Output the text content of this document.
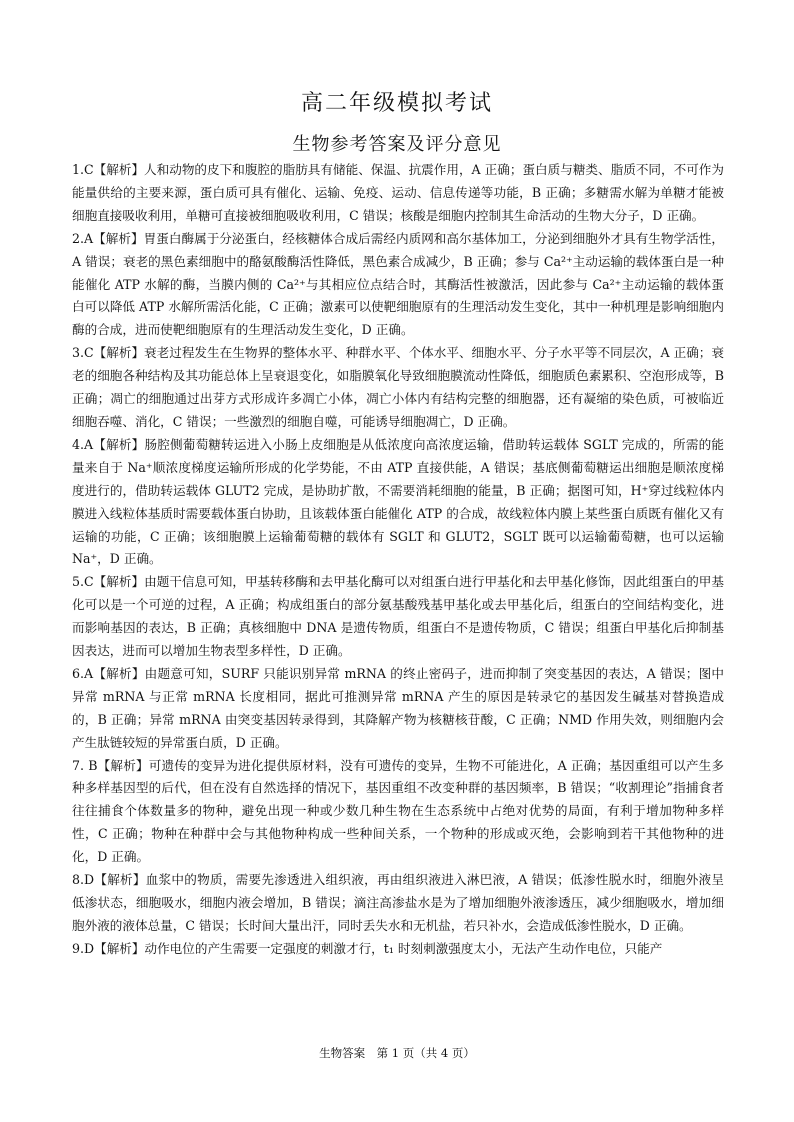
高二年级模拟考试
生物参考答案及评分意见

1.C【解析】人和动物的皮下和腹腔的脂肪具有储能、保温、抗震作用，A 正确；蛋白质与糖类、脂质不同，不可作为能量供给的主要来源，蛋白质可具有催化、运输、免疫、运动、信息传递等功能，B 正确；多糖需水解为单糖才能被细胞直接吸收利用，单糖可直接被细胞吸收利用，C 错误；核酸是细胞内控制其生命活动的生物大分子，D 正确。

2.A【解析】胃蛋白酶属于分泌蛋白，经核糖体合成后需经内质网和高尔基体加工，分泌到细胞外才具有生物学活性，A 错误；衰老的黑色素细胞中的酪氨酸酶活性降低，黑色素合成减少，B 正确；参与 Ca²⁺主动运输的载体蛋白是一种能催化 ATP 水解的酶，当膜内侧的 Ca²⁺与其相应位点结合时，其酶活性被激活，因此参与 Ca²⁺主动运输的载体蛋白可以降低 ATP 水解所需活化能，C 正确；激素可以使靶细胞原有的生理活动发生变化，其中一种机理是影响细胞内酶的合成，进而使靶细胞原有的生理活动发生变化，D 正确。

3.C【解析】衰老过程发生在生物界的整体水平、种群水平、个体水平、细胞水平、分子水平等不同层次，A 正确；衰老的细胞各种结构及其功能总体上呈衰退变化，如脂膜氧化导致细胞膜流动性降低，细胞质色素累积、空泡形成等，B 正确；凋亡的细胞通过出芽方式形成许多凋亡小体，凋亡小体内有结构完整的细胞器，还有凝缩的染色质，可被临近细胞吞噬、消化，C 错误；一些激烈的细胞自噬，可能诱导细胞凋亡，D 正确。

4.A【解析】肠腔侧葡萄糖转运进入小肠上皮细胞是从低浓度向高浓度运输，借助转运载体 SGLT 完成的，所需的能量来自于 Na⁺顺浓度梯度运输所形成的化学势能，不由 ATP 直接供能，A 错误；基底侧葡萄糖运出细胞是顺浓度梯度进行的，借助转运载体 GLUT2 完成，是协助扩散，不需要消耗细胞的能量，B 正确；据图可知，H⁺穿过线粒体内膜进入线粒体基质时需要载体蛋白协助，且该载体蛋白能催化 ATP 的合成，故线粒体内膜上某些蛋白质既有催化又有运输的功能，C 正确；该细胞膜上运输葡萄糖的载体有 SGLT 和 GLUT2，SGLT 既可以运输葡萄糖，也可以运输 Na⁺，D 正确。

5.C【解析】由题干信息可知，甲基转移酶和去甲基化酶可以对组蛋白进行甲基化和去甲基化修饰，因此组蛋白的甲基化可以是一个可逆的过程，A 正确；构成组蛋白的部分氨基酸残基甲基化或去甲基化后，组蛋白的空间结构变化，进而影响基因的表达，B 正确；真核细胞中 DNA 是遗传物质，组蛋白不是遗传物质，C 错误；组蛋白甲基化后抑制基因表达，进而可以增加生物表型多样性，D 正确。

6.A【解析】由题意可知，SURF 只能识别异常 mRNA 的终止密码子，进而抑制了突变基因的表达，A 错误；图中异常 mRNA 与正常 mRNA 长度相同，据此可推测异常 mRNA 产生的原因是转录它的基因发生碱基对替换造成的，B 正确；异常 mRNA 由突变基因转录得到，其降解产物为核糖核苷酸，C 正确；NMD 作用失效，则细胞内会产生肽链较短的异常蛋白质，D 正确。

7. B【解析】可遗传的变异为进化提供原材料，没有可遗传的变异，生物不可能进化，A 正确；基因重组可以产生多种多样基因型的后代，但在没有自然选择的情况下，基因重组不改变种群的基因频率，B 错误；“收割理论”指捕食者往往捕食个体数量多的物种，避免出现一种或少数几种生物在生态系统中占绝对优势的局面，有利于增加物种多样性，C 正确；物种在种群中会与其他物种构成一些种间关系，一个物种的形成或灭绝，会影响到若干其他物种的进化，D 正确。

8.D【解析】血浆中的物质，需要先渗透进入组织液，再由组织液进入淋巴液，A 错误；低渗性脱水时，细胞外液呈低渗状态，细胞吸水，细胞内液会增加，B 错误；滴注高渗盐水是为了增加细胞外液渗透压，减少细胞吸水，增加细胞外液的液体总量，C 错误；长时间大量出汗，同时丢失水和无机盐，若只补水，会造成低渗性脱水，D 正确。

9.D【解析】动作电位的产生需要一定强度的刺激才行，t₁ 时刻刺激强度太小，无法产生动作电位，只能产

生物答案　第 1 页（共 4 页）
